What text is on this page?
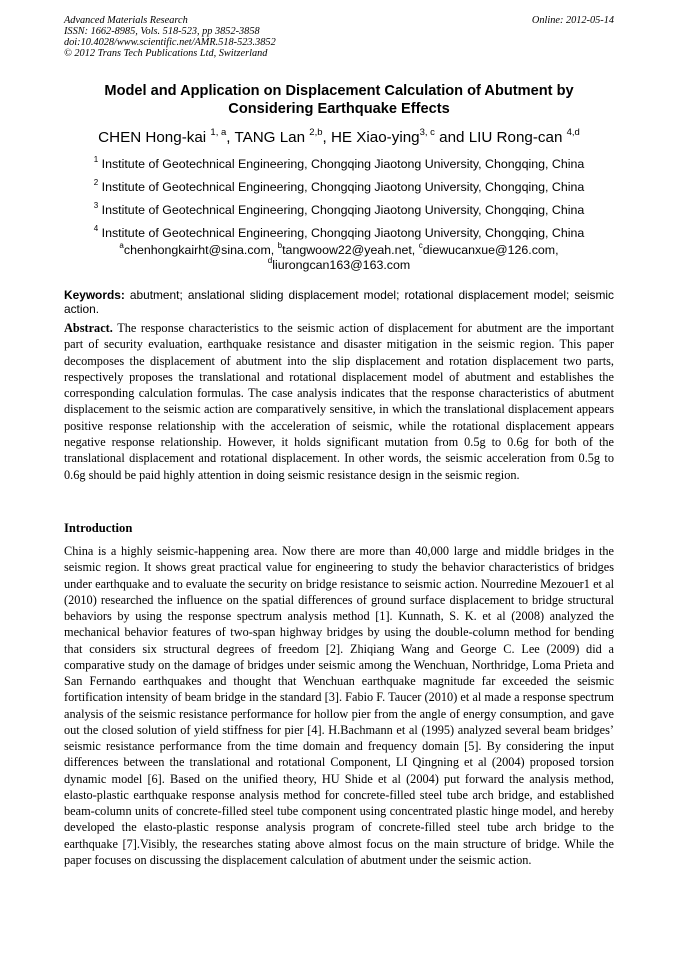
Advanced Materials Research
ISSN: 1662-8985, Vols. 518-523, pp 3852-3858
doi:10.4028/www.scientific.net/AMR.518-523.3852
© 2012 Trans Tech Publications Ltd, Switzerland
Online: 2012-05-14
Model and Application on Displacement Calculation of Abutment by Considering Earthquake Effects
CHEN Hong-kai $^{1, a}$, TANG Lan $^{2,b}$, HE Xiao-ying$^{3, c}$ and LIU Rong-can $^{4,d}$
$^1$ Institute of Geotechnical Engineering, Chongqing Jiaotong University, Chongqing, China
$^2$ Institute of Geotechnical Engineering, Chongqing Jiaotong University, Chongqing, China
$^3$ Institute of Geotechnical Engineering, Chongqing Jiaotong University, Chongqing, China
$^4$ Institute of Geotechnical Engineering, Chongqing Jiaotong University, Chongqing, China
$^a$chenhongkairht@sina.com, $^b$tangwoow22@yeah.net, $^c$diewucanxue@126.com,
$^d$liurongcan163@163.com
Keywords: abutment; anslational sliding displacement model; rotational displacement model; seismic action.
Abstract. The response characteristics to the seismic action of displacement for abutment are the important part of security evaluation, earthquake resistance and disaster mitigation in the seismic region. This paper decomposes the displacement of abutment into the slip displacement and rotation displacement two parts, respectively proposes the translational and rotational displacement model of abutment and establishes the corresponding calculation formulas. The case analysis indicates that the response characteristics of abutment displacement to the seismic action are comparatively sensitive, in which the translational displacement appears positive response relationship with the acceleration of seismic, while the rotational displacement appears negative response relationship. However, it holds significant mutation from 0.5g to 0.6g for both of the translational displacement and rotational displacement. In other words, the seismic acceleration from 0.5g to 0.6g should be paid highly attention in doing seismic resistance design in the seismic region.
Introduction
China is a highly seismic-happening area. Now there are more than 40,000 large and middle bridges in the seismic region. It shows great practical value for engineering to study the behavior characteristics of bridges under earthquake and to evaluate the security on bridge resistance to seismic action. Nourredine Mezouer1 et al (2010) researched the influence on the spatial differences of ground surface displacement to bridge structural behaviors by using the response spectrum analysis method [1]. Kunnath, S. K. et al (2008) analyzed the mechanical behavior features of two-span highway bridges by using the double-column method for bending that considers six structural degrees of freedom [2]. Zhiqiang Wang and George C. Lee (2009) did a comparative study on the damage of bridges under seismic among the Wenchuan, Northridge, Loma Prieta and San Fernando earthquakes and thought that Wenchuan earthquake magnitude far exceeded the seismic fortification intensity of beam bridge in the standard [3]. Fabio F. Taucer (2010) et al made a response spectrum analysis of the seismic resistance performance for hollow pier from the angle of energy consumption, and gave out the closed solution of yield stiffness for pier [4]. H.Bachmann et al (1995) analyzed several beam bridges’ seismic resistance performance from the time domain and frequency domain [5]. By considering the input differences between the translational and rotational Component, LI Qingning et al (2004) proposed torsion dynamic model [6]. Based on the unified theory, HU Shide et al (2004) put forward the analysis method, elasto-plastic earthquake response analysis method for concrete-filled steel tube arch bridge, and established beam-column units of concrete-filled steel tube component using concentrated plastic hinge model, and hereby developed the elasto-plastic response analysis program of concrete-filled steel tube arch bridge to the earthquake [7].Visibly, the researches stating above almost focus on the main structure of bridge. While the paper focuses on discussing the displacement calculation of abutment under the seismic action.
